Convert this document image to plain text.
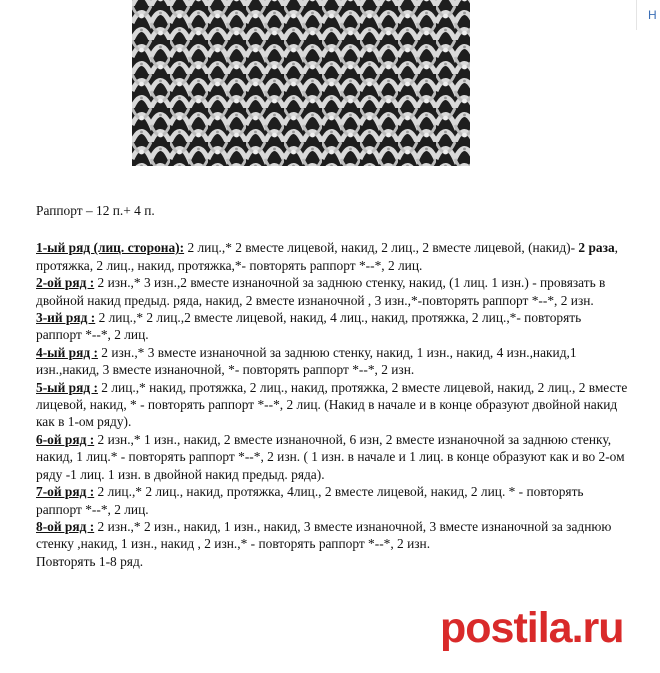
Н

Раппорт – 12 п.+ 4 п.

1-ый ряд (лиц. сторона): 2 лиц.,* 2 вместе лицевой, накид, 2 лиц., 2 вместе лицевой, (накид)- 2 раза, протяжка, 2 лиц., накид, протяжка,*- повторять раппорт *--*, 2 лиц.

2-ой ряд : 2 изн.,* 3 изн.,2 вместе изнаночной за заднюю стенку, накид, (1 лиц. 1 изн.) - провязать в двойной накид предыд. ряда, накид, 2 вместе изнаночной , 3 изн.,*-повторять раппорт *--*, 2 изн.

3-ий ряд : 2 лиц.,* 2 лиц.,2 вместе лицевой, накид, 4 лиц., накид, протяжка, 2 лиц.,*- повторять раппорт *--*, 2 лиц.

4-ый ряд : 2 изн.,* 3 вместе изнаночной за заднюю стенку, накид, 1 изн., накид, 4 изн.,накид,1 изн.,накид, 3 вместе изнаночной, *- повторять раппорт *--*, 2 изн.

5-ый ряд : 2 лиц.,* накид, протяжка, 2 лиц., накид, протяжка, 2 вместе лицевой, накид, 2 лиц., 2 вместе лицевой, накид, * - повторять раппорт *--*, 2 лиц. (Накид в начале и в конце образуют двойной накид как в 1-ом ряду).

6-ой ряд : 2 изн.,* 1 изн., накид, 2 вместе изнаночной, 6 изн, 2 вместе изнаночной за заднюю стенку, накид, 1 лиц.* - повторять раппорт *--*, 2 изн. ( 1 изн. в начале и 1 лиц. в конце образуют как и во 2-ом ряду -1 лиц. 1 изн. в двойной накид предыд. ряда).

7-ой ряд : 2 лиц.,* 2 лиц., накид, протяжка, 4лиц., 2 вместе лицевой, накид, 2 лиц. * - повторять раппорт *--*, 2 лиц.

8-ой ряд : 2 изн.,* 2 изн., накид, 1 изн., накид, 3 вместе изнаночной, 3 вместе изнаночной за заднюю стенку ,накид, 1 изн., накид , 2 изн.,* - повторять раппорт *--*, 2 изн.

Повторять 1-8 ряд.

postila.ru
